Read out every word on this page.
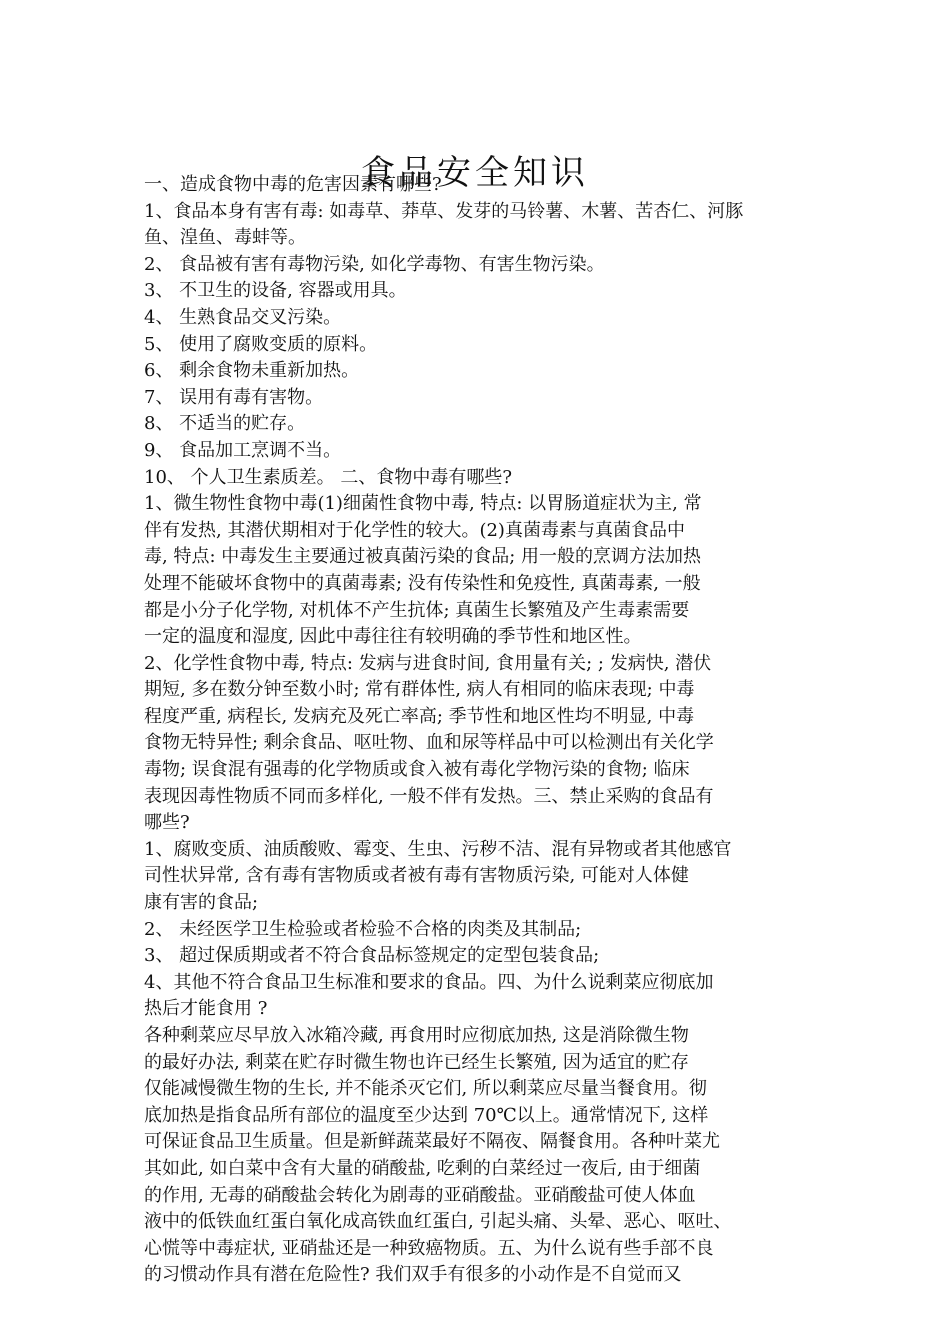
食品安全知识
一、造成食物中毒的危害因素有哪些?
1、食品本身有害有毒: 如毒草、莽草、发芽的马铃薯、木薯、苦杏仁、河豚
鱼、湟鱼、毒蚌等。
2、 食品被有害有毒物污染, 如化学毒物、有害生物污染。
3、 不卫生的设备, 容器或用具。
4、 生熟食品交叉污染。
5、 使用了腐败变质的原料。
6、 剩余食物未重新加热。
7、 误用有毒有害物。
8、 不适当的贮存。
9、 食品加工烹调不当。
10、 个人卫生素质差。 二、食物中毒有哪些?
1、微生物性食物中毒(1)细菌性食物中毒, 特点: 以胃肠道症状为主, 常
伴有发热, 其潜伏期相对于化学性的较大。(2)真菌毒素与真菌食品中
毒, 特点: 中毒发生主要通过被真菌污染的食品; 用一般的烹调方法加热
处理不能破坏食物中的真菌毒素; 没有传染性和免疫性, 真菌毒素, 一般
都是小分子化学物, 对机体不产生抗体; 真菌生长繁殖及产生毒素需要
一定的温度和湿度, 因此中毒往往有较明确的季节性和地区性。
2、化学性食物中毒, 特点: 发病与进食时间, 食用量有关; ; 发病快, 潜伏
期短, 多在数分钟至数小时; 常有群体性, 病人有相同的临床表现; 中毒
程度严重, 病程长, 发病充及死亡率高; 季节性和地区性均不明显, 中毒
食物无特异性; 剩余食品、呕吐物、血和尿等样品中可以检测出有关化学
毒物; 误食混有强毒的化学物质或食入被有毒化学物污染的食物; 临床
表现因毒性物质不同而多样化, 一般不伴有发热。三、禁止采购的食品有
哪些?
1、腐败变质、油质酸败、霉变、生虫、污秽不洁、混有异物或者其他感官
司性状异常, 含有毒有害物质或者被有毒有害物质污染, 可能对人体健
康有害的食品;
2、 未经医学卫生检验或者检验不合格的肉类及其制品;
3、 超过保质期或者不符合食品标签规定的定型包装食品;
4、其他不符合食品卫生标准和要求的食品。四、为什么说剩菜应彻底加
热后才能食用 ?
各种剩菜应尽早放入冰箱冷藏, 再食用时应彻底加热, 这是消除微生物
的最好办法, 剩菜在贮存时微生物也许已经生长繁殖, 因为适宜的贮存
仅能减慢微生物的生长, 并不能杀灭它们, 所以剩菜应尽量当餐食用。彻
底加热是指食品所有部位的温度至少达到 70℃以上。通常情况下, 这样
可保证食品卫生质量。但是新鲜蔬菜最好不隔夜、隔餐食用。各种叶菜尤
其如此, 如白菜中含有大量的硝酸盐, 吃剩的白菜经过一夜后, 由于细菌
的作用, 无毒的硝酸盐会转化为剧毒的亚硝酸盐。亚硝酸盐可使人体血
液中的低铁血红蛋白氧化成高铁血红蛋白, 引起头痛、头晕、恶心、呕吐、
心慌等中毒症状, 亚硝盐还是一种致癌物质。五、为什么说有些手部不良
的习惯动作具有潜在危险性? 我们双手有很多的小动作是不自觉而又
